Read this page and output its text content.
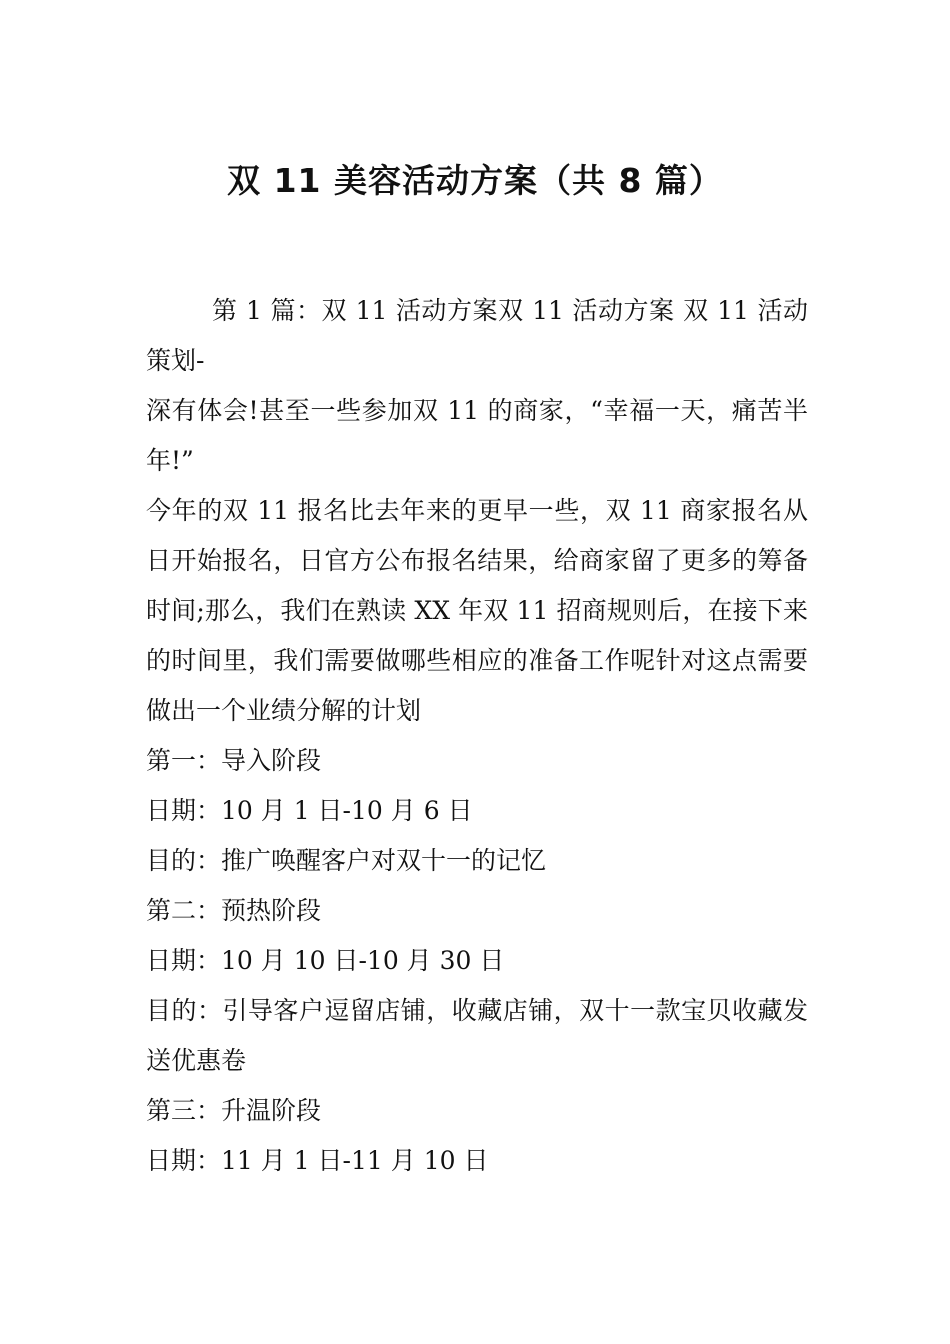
双 11 美容活动方案（共 8 篇）

第 1 篇：双 11 活动方案双 11 活动方案 双 11 活动策划-

深有体会!甚至一些参加双 11 的商家，“幸福一天，痛苦半年!”

今年的双 11 报名比去年来的更早一些，双 11 商家报名从日开始报名，日官方公布报名结果，给商家留了更多的筹备时间;那么，我们在熟读 XX 年双 11 招商规则后，在接下来的时间里，我们需要做哪些相应的准备工作呢针对这点需要做出一个业绩分解的计划

第一：导入阶段

日期：10 月 1 日-10 月 6 日

目的：推广唤醒客户对双十一的记忆

第二：预热阶段

日期：10 月 10 日-10 月 30 日

目的：引导客户逗留店铺，收藏店铺，双十一款宝贝收藏发送优惠卷

第三：升温阶段

日期：11 月 1 日-11 月 10 日
